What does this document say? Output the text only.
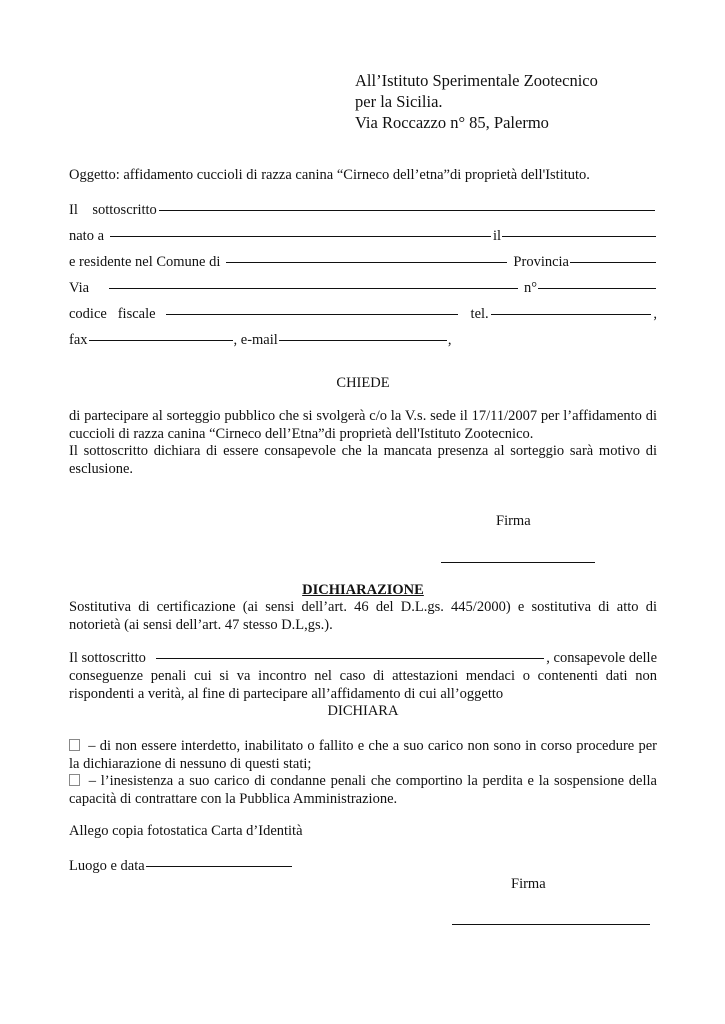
All’Istituto Sperimentale Zootecnico
per la Sicilia.
Via Roccazzo n° 85, Palermo
Oggetto: affidamento cuccioli di razza canina “Cirneco dell’etna”di proprietà dell'Istituto.
Il    sottoscritto
nato a	il
e residente nel Comune di	Provincia
Via	n°
codice   fiscale	tel.	,
fax	, e-mail	,
CHIEDE

di partecipare al sorteggio pubblico che si svolgerà c/o la V.s. sede il 17/11/2007 per l’affidamento di cuccioli di razza canina “Cirneco dell’Etna”di proprietà dell'Istituto Zootecnico.

Il sottoscritto dichiara di essere consapevole che la mancata presenza al sorteggio sarà motivo di esclusione.

Firma
DICHIARAZIONE
Sostitutiva di certificazione (ai sensi dell’art. 46 del D.L.gs. 445/2000) e sostitutiva di atto di notorietà (ai sensi dell’art. 47 stesso D.L,gs.).
Il sottoscritto	, consapevole delle
conseguenze penali cui si va incontro nel caso di attestazioni mendaci o contenenti dati non rispondenti a verità, al fine di partecipare all’affidamento di cui all’oggetto
DICHIARA

– di non essere interdetto, inabilitato o fallito e che a suo carico non sono in corso procedure per la dichiarazione di nessuno di questi stati;

– l’inesistenza a suo carico di condanne penali che comportino la perdita e la sospensione della capacità di contrattare con la Pubblica Amministrazione.

Allego copia fotostatica Carta d’Identità
Luogo e data
Firma
